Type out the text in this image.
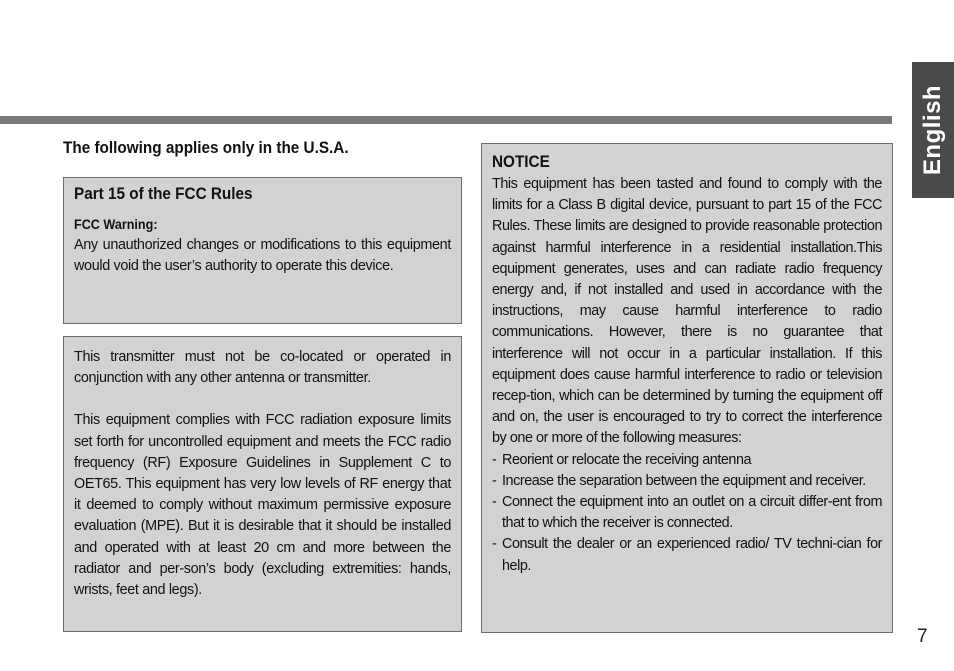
English
The following applies only in the U.S.A.
Part 15 of the FCC Rules
FCC Warning:

Any unauthorized changes or modifications to this equipment would void the user’s authority to operate this device.

This transmitter must not be co-located or operated in conjunction with any other antenna or transmitter.

This equipment complies with FCC radiation exposure limits set forth for uncontrolled equipment and meets the FCC radio frequency (RF) Exposure Guidelines in Supplement C to OET65. This equipment has very low levels of RF energy that it deemed to comply without maximum permissive exposure evaluation (MPE). But it is desirable that it should be installed and operated with at least 20 cm and more between the radiator and per-son’s body (excluding extremities: hands, wrists, feet and legs).

NOTICE

This equipment has been tasted and found to comply with the limits for a Class B digital device, pursuant to part 15 of the FCC Rules. These limits are designed to provide reasonable protection against harmful interference in a residential installation.This equipment generates, uses and can radiate radio frequency energy and, if not installed and used in accordance with the instructions, may cause harmful interference to radio communications. However, there is no guarantee that interference will not occur in a particular installation. If this equipment does cause harmful interference to radio or television recep-tion, which can be determined by turning the equipment off and on, the user is encouraged to try to correct the interference by one or more of the following measures:

- Reorient or relocate the receiving antenna
- Increase the separation between the equipment and receiver.
- Connect the equipment into an outlet on a circuit differ-ent from that to which the receiver is connected.
- Consult the dealer or an experienced radio/ TV techni-cian for help.
7
